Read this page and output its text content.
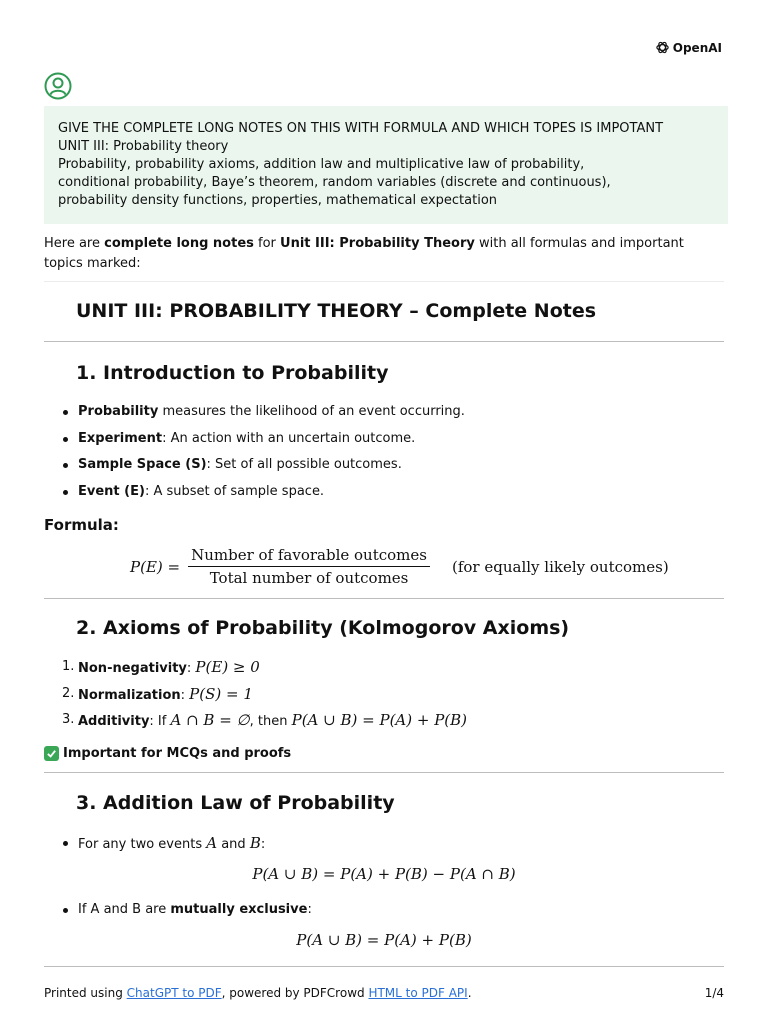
OpenAI
GIVE THE COMPLETE LONG NOTES ON THIS WITH FORMULA AND WHICH TOPES IS IMPOTANT
UNIT III: Probability theory
Probability, probability axioms, addition law and multiplicative law of probability,
conditional probability, Baye’s theorem, random variables (discrete and continuous),
probability density functions, properties, mathematical expectation
Here are complete long notes for Unit III: Probability Theory with all formulas and important topics marked:
UNIT III: PROBABILITY THEORY – Complete Notes
1. Introduction to Probability
Probability measures the likelihood of an event occurring.
Experiment: An action with an uncertain outcome.
Sample Space (S): Set of all possible outcomes.
Event (E): A subset of sample space.
Formula:
$P(E) = \frac{\text{Number of favorable outcomes}}{\text{Total number of outcomes}} (for$ equally likely outcomes)
2. Axioms of Probability (Kolmogorov Axioms)
1. Non-negativity: P(E) ≥ 0
2. Normalization: P(S) = 1
3. Additivity: If A ∩ B = ∅, then P(A ∪ B) = P(A) + P(B)
Important for MCQs and proofs
3. Addition Law of Probability
For any two events A and B:
P(A ∪ B) = P(A) + P(B) − P(A ∩ B)
If A and B are mutually exclusive:
P(A ∪ B) = P(A) + P(B)
Printed using ChatGPT to PDF, powered by PDFCrowd HTML to PDF API.	1/4
